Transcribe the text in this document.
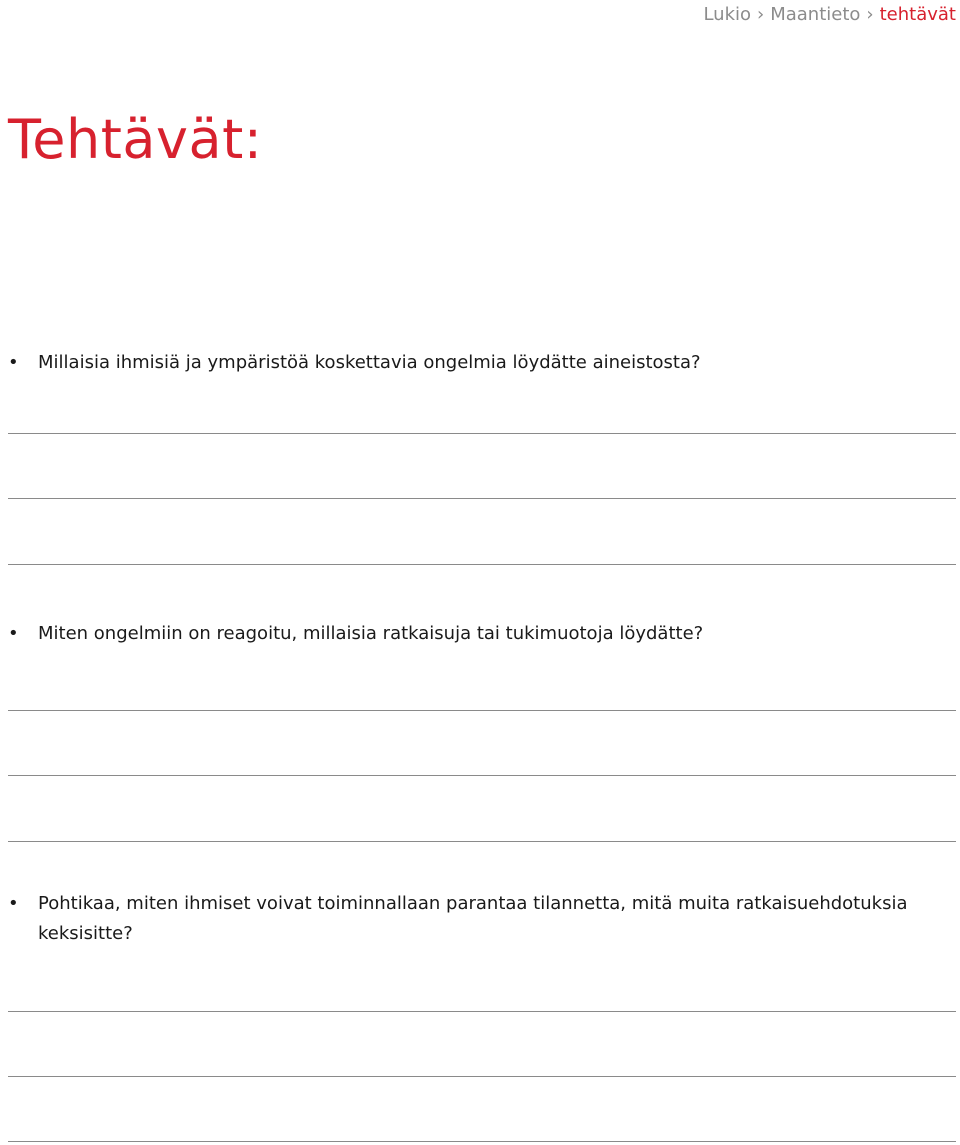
Lukio › Maantieto › tehtävät
Tehtävät:
• Millaisia ihmisiä ja ympäristöä koskettavia ongelmia löydätte aineistosta?
• Miten ongelmiin on reagoitu, millaisia ratkaisuja tai tukimuotoja löydätte?
• Pohtikaa, miten ihmiset voivat toiminnallaan parantaa tilannetta, mitä muita ratkaisuehdotuksia keksisitte?
